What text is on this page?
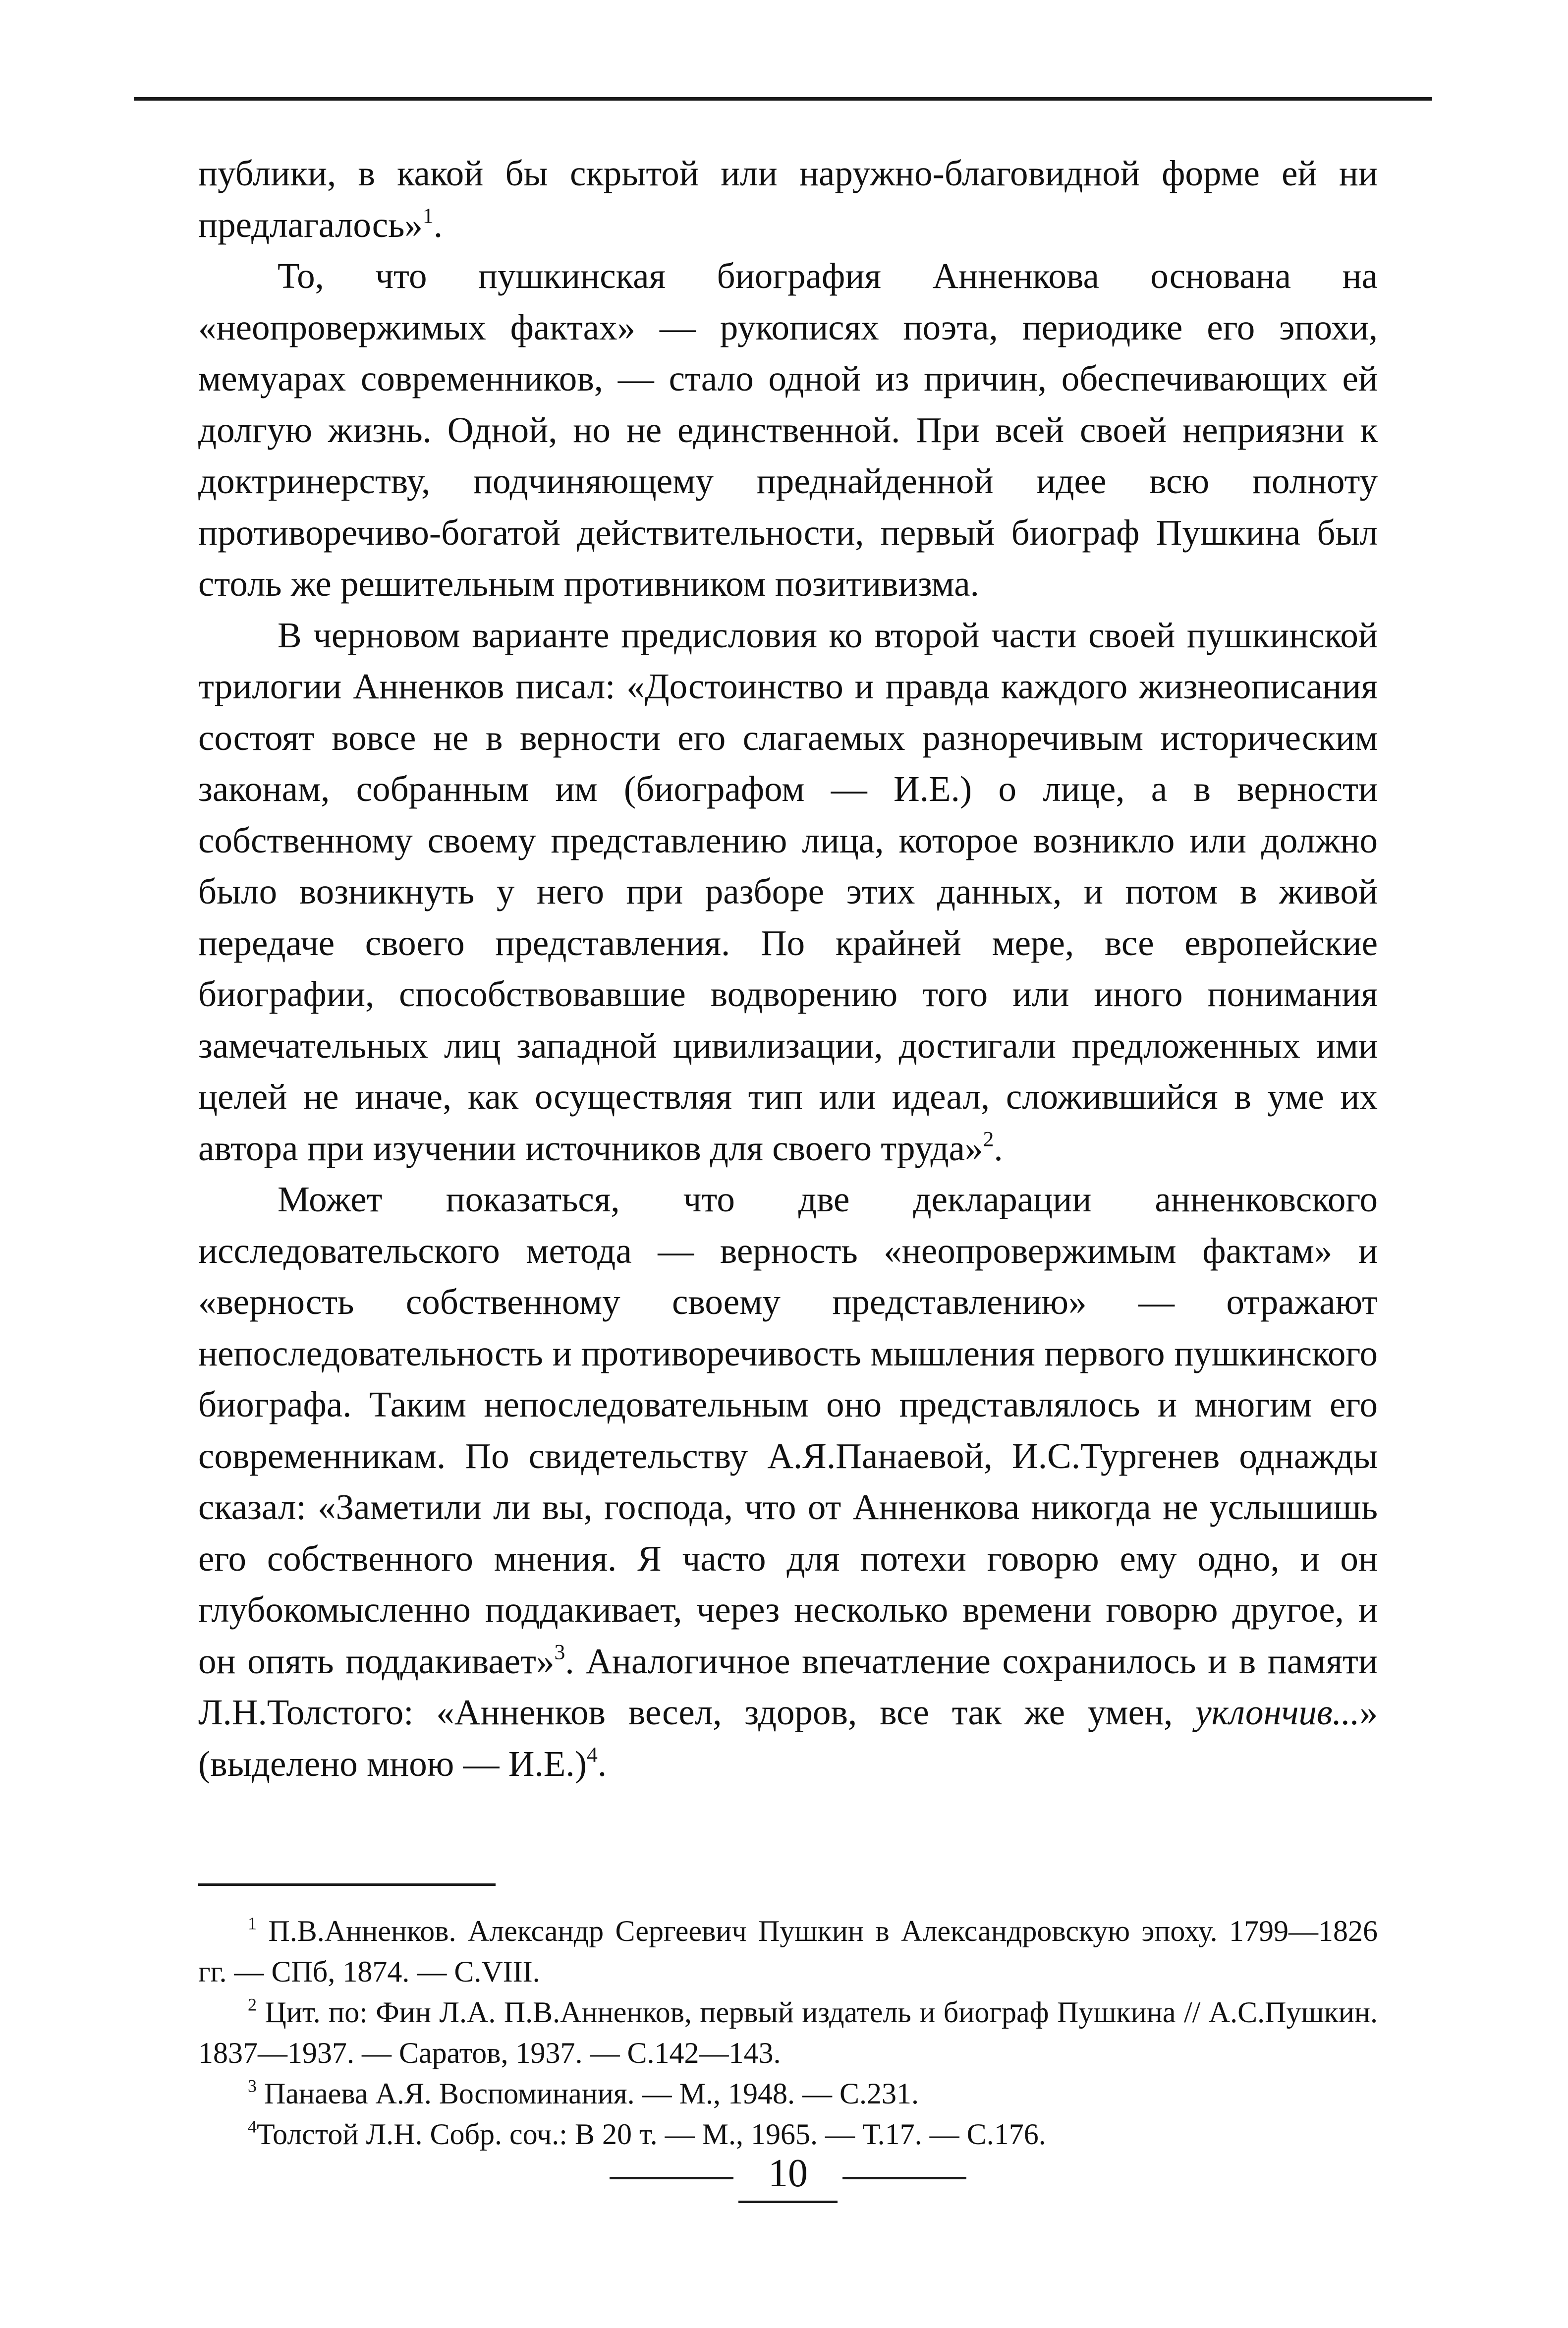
публики, в какой бы скрытой или наружно-благовидной форме ей ни предлагалось»$^1$.

То, что пушкинская биография Анненкова основана на «неопровержимых фактах» — рукописях поэта, периодике его эпохи, мемуарах современников, — стало одной из причин, обеспечивающих ей долгую жизнь. Одной, но не единственной. При всей своей неприязни к доктринерству, подчиняющему преднайденной идее всю полноту противоречиво-богатой действительности, первый биограф Пушкина был столь же решительным противником позитивизма.

В черновом варианте предисловия ко второй части своей пушкинской трилогии Анненков писал: «Достоинство и правда каждого жизнеописания состоят вовсе не в верности его слагаемых разноречивым историческим законам, собранным им (биографом — И.Е.) о лице, а в верности собственному своему представлению лица, которое возникло или должно было возникнуть у него при разборе этих данных, и потом в живой передаче своего представления. По крайней мере, все европейские биографии, способствовавшие водворению того или иного понимания замечательных лиц западной цивилизации, достигали предложенных ими целей не иначе, как осуществляя тип или идеал, сложившийся в уме их автора при изучении источников для своего труда»$^2$.

Может показаться, что две декларации анненковского исследовательского метода — верность «неопровержимым фактам» и «верность собственному своему представлению» — отражают непоследовательность и противоречивость мышления первого пушкинского биографа. Таким непоследовательным оно представлялось и многим его современникам. По свидетельству А.Я.Панаевой, И.С.Тургенев однажды сказал: «Заметили ли вы, господа, что от Анненкова никогда не услышишь его собственного мнения. Я часто для потехи говорю ему одно, и он глубокомысленно поддакивает, через несколько времени говорю другое, и он опять поддакивает»$^3$. Аналогичное впечатление сохранилось и в памяти Л.Н.Толстого: «Анненков весел, здоров, все так же умен, уклончив...» (выделено мною — И.Е.)$^4$.

$^1$ П.В.Анненков. Александр Сергеевич Пушкин в Александровскую эпоху. 1799—1826 гг. — СПб, 1874. — С.VIII.

$^2$ Цит. по: Фин Л.А. П.В.Анненков, первый издатель и биограф Пушкина // А.С.Пушкин. 1837—1937. — Саратов, 1937. — С.142—143.

$^3$ Панаева А.Я. Воспоминания. — М., 1948. — С.231.

$^4$Толстой Л.Н. Собр. соч.: В 20 т. — М., 1965. — Т.17. — С.176.

10
